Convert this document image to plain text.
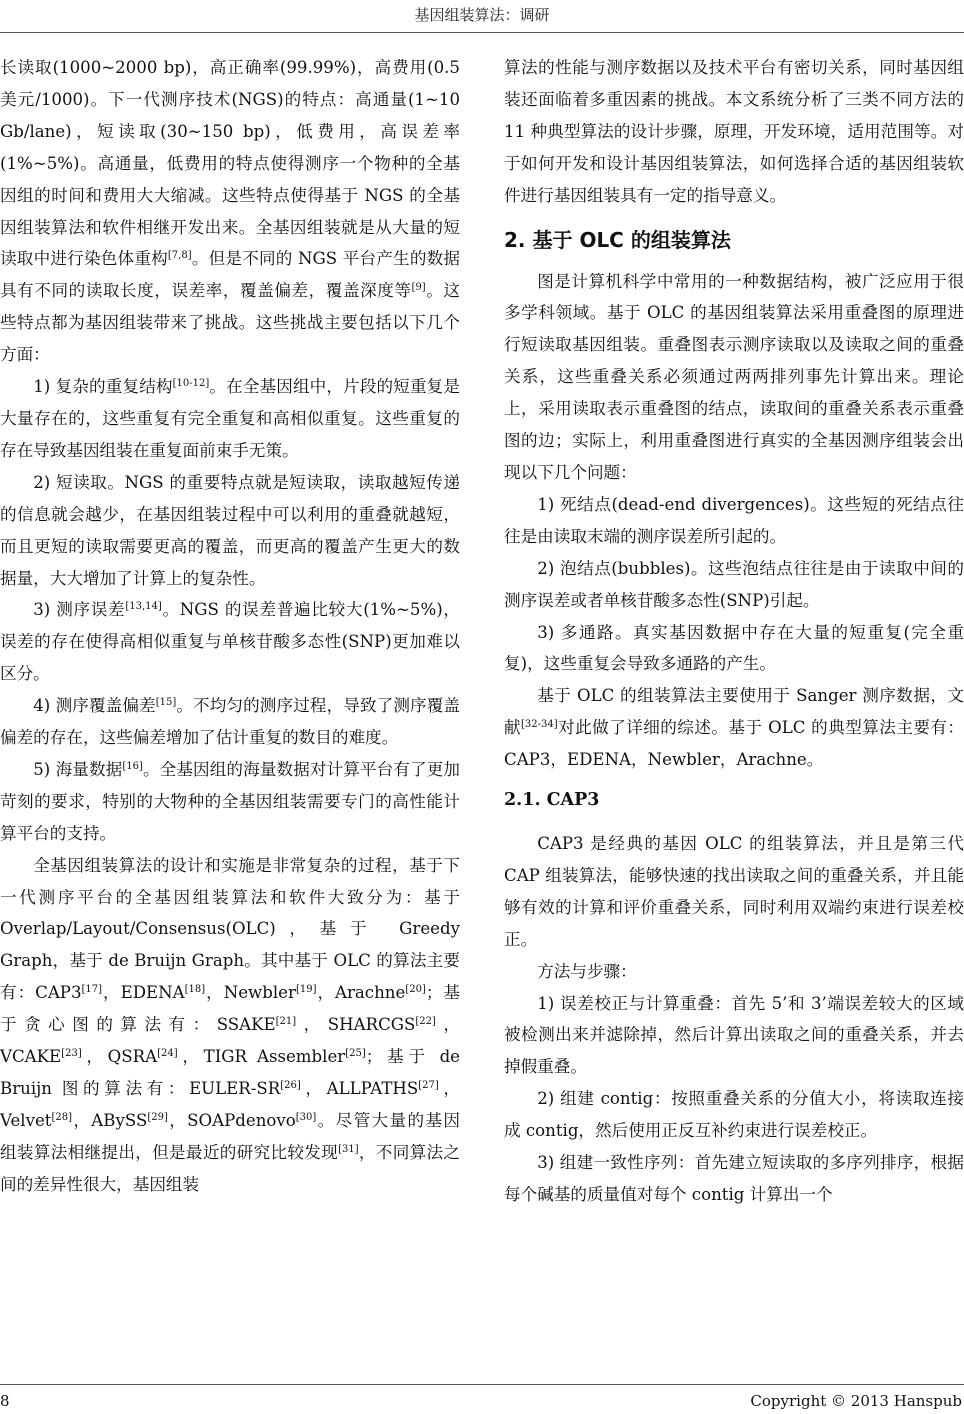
基因组装算法：调研

长读取(1000~2000 bp)，高正确率(99.99%)，高费用(0.5美元/1000)。下一代测序技术(NGS)的特点：高通量(1~10 Gb/lane)，短读取(30~150 bp)，低费用，高误差率(1%~5%)。高通量，低费用的特点使得测序一个物种的全基因组的时间和费用大大缩减。这些特点使得基于 NGS 的全基因组装算法和软件相继开发出来。全基因组装就是从大量的短读取中进行染色体重构[7,8]。但是不同的 NGS 平台产生的数据具有不同的读取长度，误差率，覆盖偏差，覆盖深度等[9]。这些特点都为基因组装带来了挑战。这些挑战主要包括以下几个方面：

1) 复杂的重复结构[10-12]。在全基因组中，片段的短重复是大量存在的，这些重复有完全重复和高相似重复。这些重复的存在导致基因组装在重复面前束手无策。

2) 短读取。NGS 的重要特点就是短读取，读取越短传递的信息就会越少，在基因组装过程中可以利用的重叠就越短，而且更短的读取需要更高的覆盖，而更高的覆盖产生更大的数据量，大大增加了计算上的复杂性。

3) 测序误差[13,14]。NGS 的误差普遍比较大(1%~5%)，误差的存在使得高相似重复与单核苷酸多态性(SNP)更加难以区分。

4) 测序覆盖偏差[15]。不均匀的测序过程，导致了测序覆盖偏差的存在，这些偏差增加了估计重复的数目的难度。

5) 海量数据[16]。全基因组的海量数据对计算平台有了更加苛刻的要求，特别的大物种的全基因组装需要专门的高性能计算平台的支持。

全基因组装算法的设计和实施是非常复杂的过程，基于下一代测序平台的全基因组装算法和软件大致分为：基于 Overlap/Layout/Consensus(OLC)，基于 Greedy Graph，基于 de Bruijn Graph。其中基于 OLC 的算法主要有：CAP3[17]，EDENA[18]，Newbler[19]，Arachne[20]；基于贪心图的算法有：SSAKE[21]，SHARCGS[22]，VCAKE[23]，QSRA[24]，TIGR Assembler[25]；基于 de Bruijn 图的算法有：EULER-SR[26]，ALLPATHS[27]，Velvet[28]，ABySS[29]，SOAPdenovo[30]。尽管大量的基因组装算法相继提出，但是最近的研究比较发现[31]，不同算法之间的差异性很大，基因组装

算法的性能与测序数据以及技术平台有密切关系，同时基因组装还面临着多重因素的挑战。本文系统分析了三类不同方法的 11 种典型算法的设计步骤，原理，开发环境，适用范围等。对于如何开发和设计基因组装算法，如何选择合适的基因组装软件进行基因组装具有一定的指导意义。

2. 基于 OLC 的组装算法

图是计算机科学中常用的一种数据结构，被广泛应用于很多学科领域。基于 OLC 的基因组装算法采用重叠图的原理进行短读取基因组装。重叠图表示测序读取以及读取之间的重叠关系，这些重叠关系必须通过两两排列事先计算出来。理论上，采用读取表示重叠图的结点，读取间的重叠关系表示重叠图的边；实际上，利用重叠图进行真实的全基因测序组装会出现以下几个问题：

1) 死结点(dead-end divergences)。这些短的死结点往往是由读取末端的测序误差所引起的。

2) 泡结点(bubbles)。这些泡结点往往是由于读取中间的测序误差或者单核苷酸多态性(SNP)引起。

3) 多通路。真实基因数据中存在大量的短重复(完全重复)，这些重复会导致多通路的产生。

基于 OLC 的组装算法主要使用于 Sanger 测序数据，文献[32-34]对此做了详细的综述。基于 OLC 的典型算法主要有：CAP3，EDENA，Newbler，Arachne。

2.1. CAP3

CAP3 是经典的基因 OLC 的组装算法，并且是第三代 CAP 组装算法，能够快速的找出读取之间的重叠关系，并且能够有效的计算和评价重叠关系，同时利用双端约束进行误差校正。

方法与步骤：

1) 误差校正与计算重叠：首先 5’和 3’端误差较大的区域被检测出来并滤除掉，然后计算出读取之间的重叠关系，并去掉假重叠。

2) 组建 contig：按照重叠关系的分值大小，将读取连接成 contig，然后使用正反互补约束进行误差校正。

3) 组建一致性序列：首先建立短读取的多序列排序，根据每个碱基的质量值对每个 contig 计算出一个

8	Copyright © 2013 Hanspub
